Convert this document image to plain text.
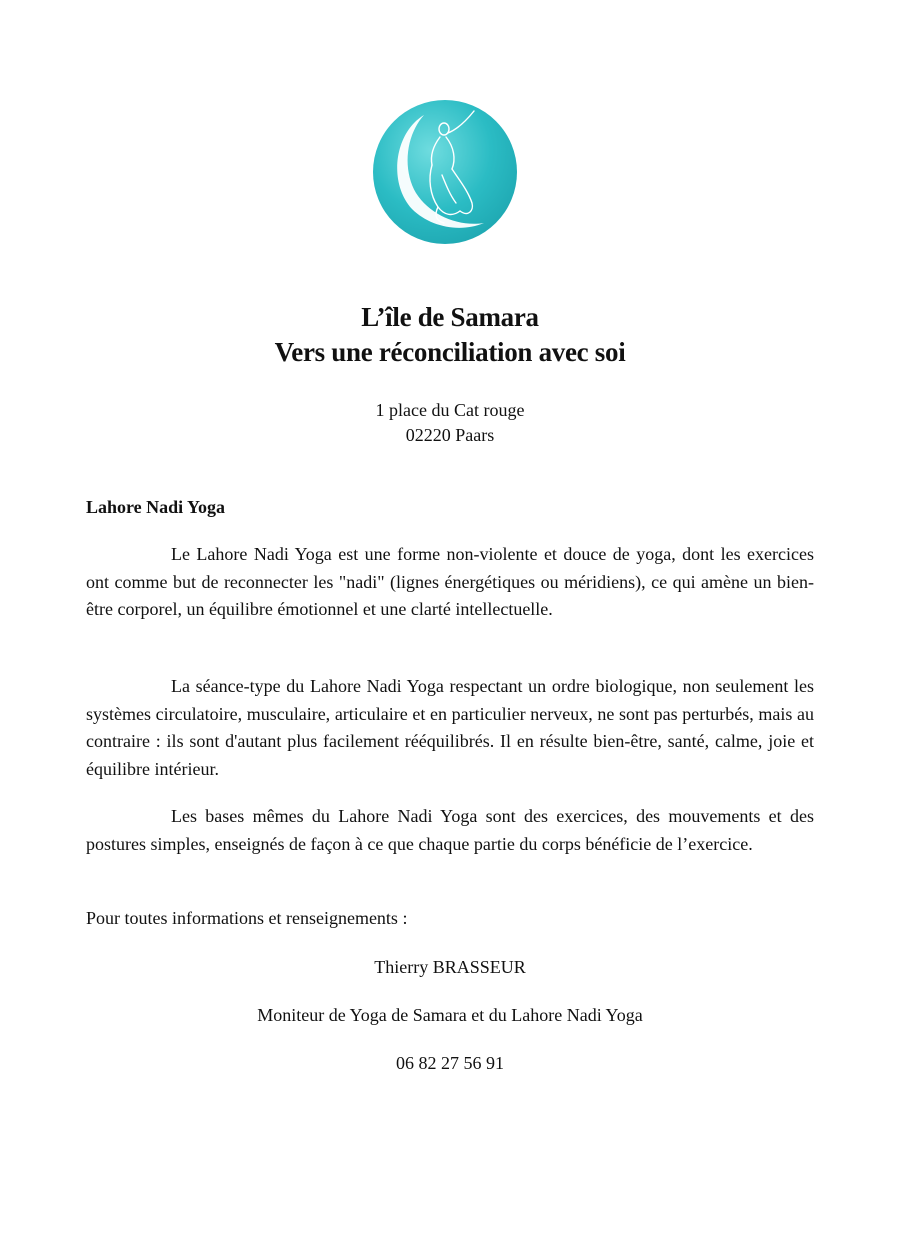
L’île de Samara
Vers une réconciliation avec soi
1 place du Cat rouge
02220 Paars
Lahore Nadi Yoga
Le Lahore Nadi Yoga est une forme non-violente et douce de yoga, dont les exercices ont comme but de reconnecter les "nadi" (lignes énergétiques ou méridiens), ce qui amène un bien-être corporel, un équilibre émotionnel et une clarté intellectuelle.
La séance-type du Lahore Nadi Yoga respectant un ordre biologique, non seulement les systèmes circulatoire, musculaire, articulaire et en particulier nerveux, ne sont pas perturbés, mais au contraire : ils sont d'autant plus facilement rééquilibrés. Il en résulte bien-être, santé, calme, joie et équilibre intérieur.
Les bases mêmes du Lahore Nadi Yoga sont des exercices, des mouvements et des postures simples, enseignés de façon à ce que chaque partie du corps bénéficie de l’exercice.
Pour toutes informations et renseignements :
Thierry BRASSEUR
Moniteur de Yoga de Samara et du Lahore Nadi Yoga
06 82 27 56 91
